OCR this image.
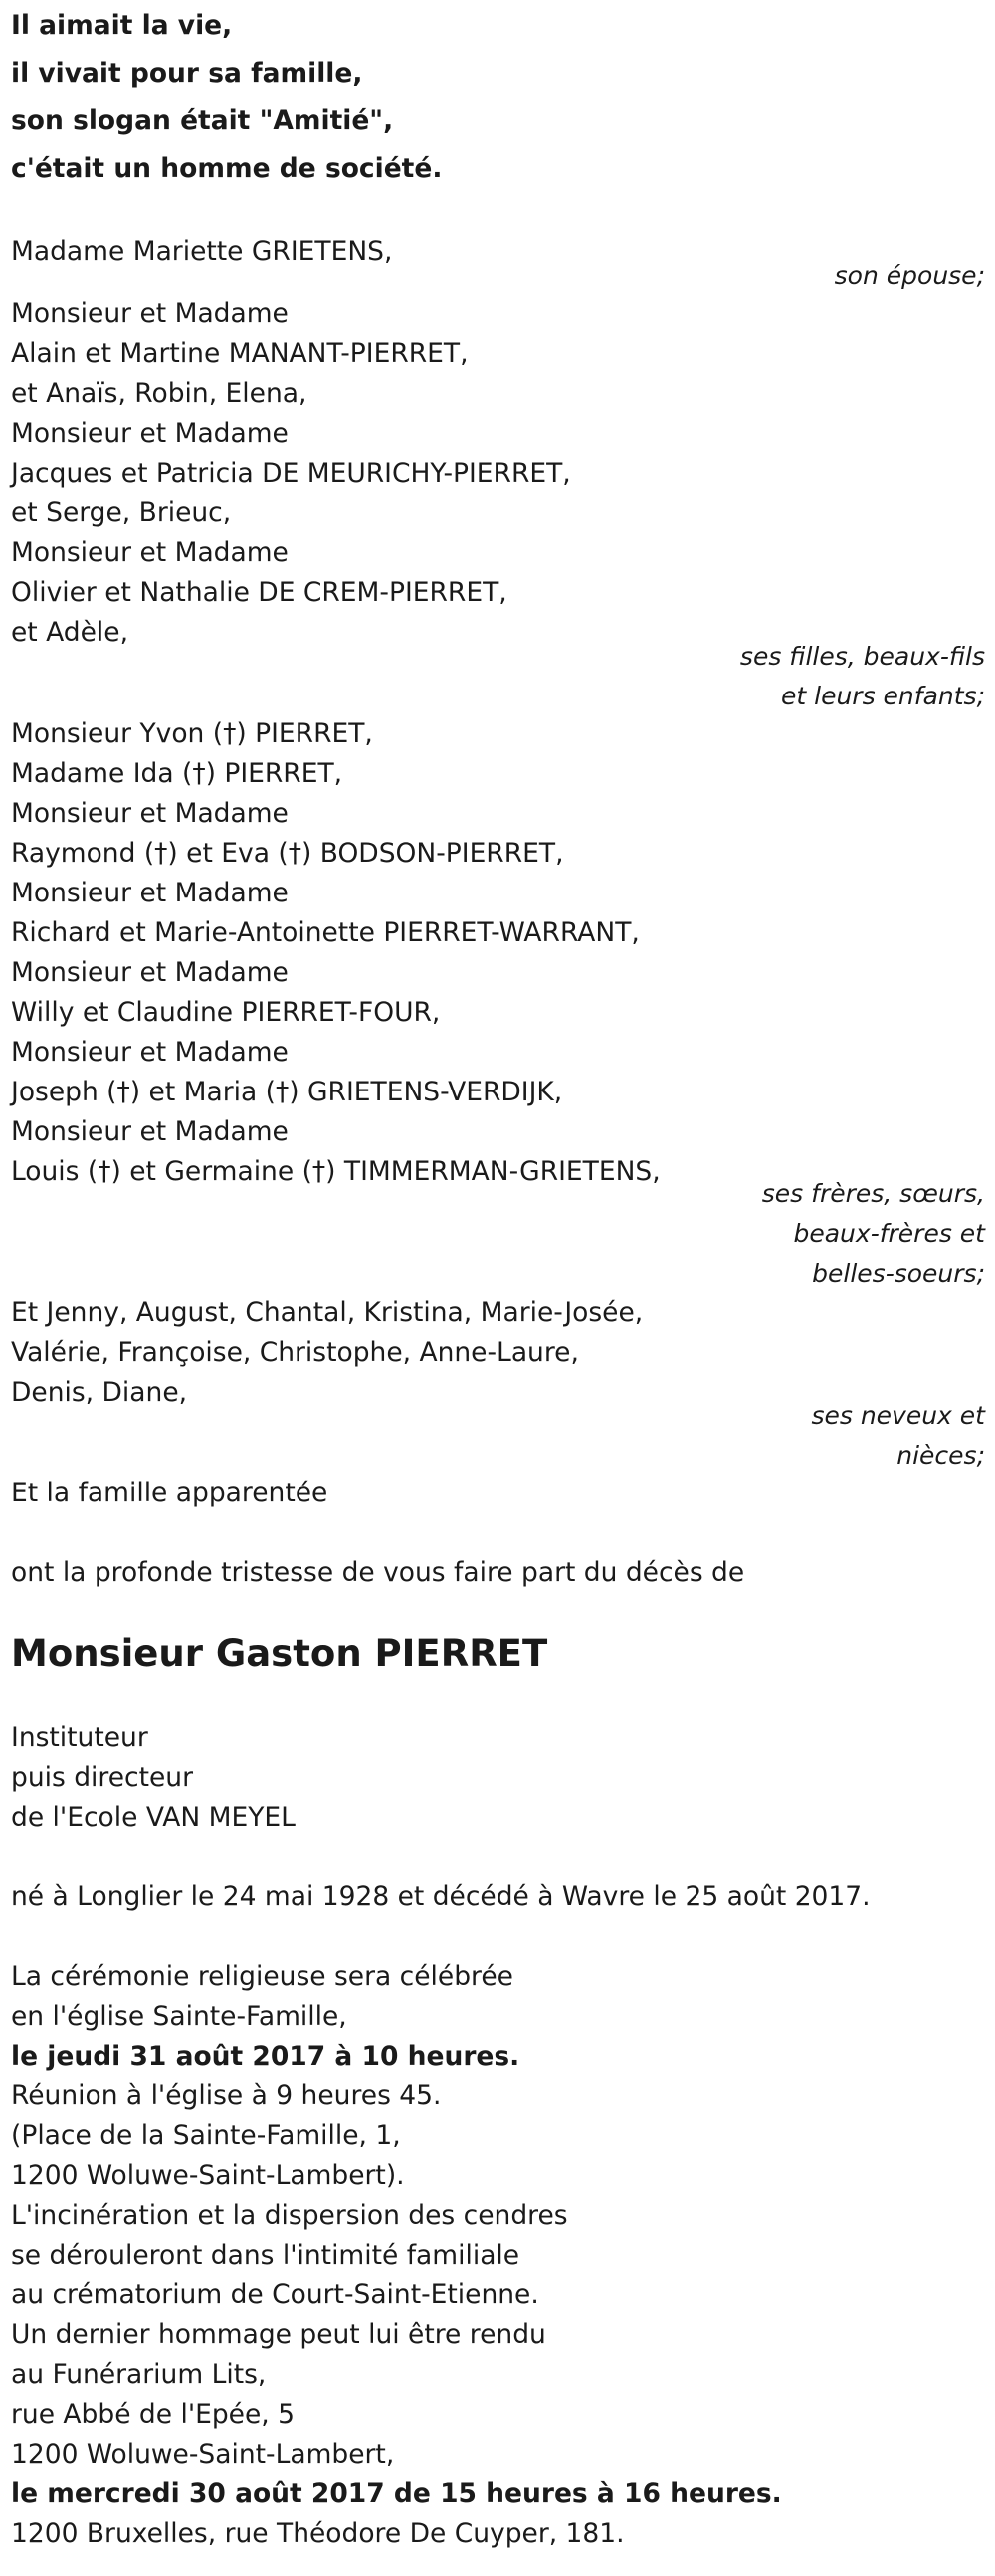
Il aimait la vie,
il vivait pour sa famille,
son slogan était "Amitié",
c'était un homme de société.
Madame Mariette GRIETENS,
son épouse;
Monsieur et Madame
Alain et Martine MANANT-PIERRET,
et Anaïs, Robin, Elena,
Monsieur et Madame
Jacques et Patricia DE MEURICHY-PIERRET,
et Serge, Brieuc,
Monsieur et Madame
Olivier et Nathalie DE CREM-PIERRET,
et Adèle,
ses filles, beaux-fils
et leurs enfants;
Monsieur Yvon (†) PIERRET,
Madame Ida (†) PIERRET,
Monsieur et Madame
Raymond (†) et Eva (†) BODSON-PIERRET,
Monsieur et Madame
Richard et Marie-Antoinette PIERRET-WARRANT,
Monsieur et Madame
Willy et Claudine PIERRET-FOUR,
Monsieur et Madame
Joseph (†) et Maria (†) GRIETENS-VERDIJK,
Monsieur et Madame
Louis (†) et Germaine (†) TIMMERMAN-GRIETENS,
ses frères, sœurs,
beaux-frères et
belles-soeurs;
Et Jenny, August, Chantal, Kristina, Marie-Josée,
Valérie, Françoise, Christophe, Anne-Laure,
Denis, Diane,
ses neveux et
nièces;
Et la famille apparentée
ont la profonde tristesse de vous faire part du décès de
Monsieur Gaston PIERRET
Instituteur
puis directeur
de l'Ecole VAN MEYEL
né à Longlier le 24 mai 1928 et décédé à Wavre le 25 août 2017.
La cérémonie religieuse sera célébrée
en l'église Sainte-Famille,
le jeudi 31 août 2017 à 10 heures.
Réunion à l'église à 9 heures 45.
(Place de la Sainte-Famille, 1,
1200 Woluwe-Saint-Lambert).
L'incinération et la dispersion des cendres
se dérouleront dans l'intimité familiale
au crématorium de Court-Saint-Etienne.
Un dernier hommage peut lui être rendu
au Funérarium Lits,
rue Abbé de l'Epée, 5
1200 Woluwe-Saint-Lambert,
le mercredi 30 août 2017 de 15 heures à 16 heures.
1200 Bruxelles, rue Théodore De Cuyper, 181.
